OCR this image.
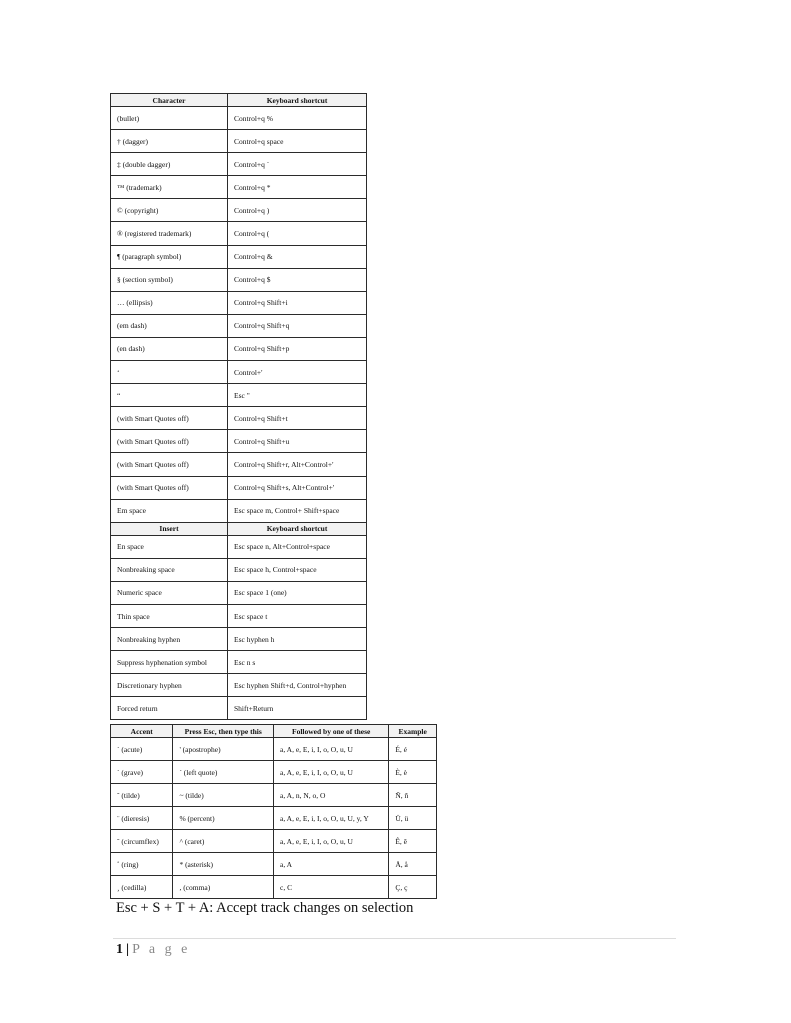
Character	Keyboard shortcut
(bullet)	Control+q %
† (dagger)	Control+q space
‡ (double dagger)	Control+q `
™ (trademark)	Control+q *
© (copyright)	Control+q )
® (registered trademark)	Control+q (
¶ (paragraph symbol)	Control+q &
§ (section symbol)	Control+q $
… (ellipsis)	Control+q Shift+i
(em dash)	Control+q Shift+q
(en dash)	Control+q Shift+p
‘	Control+'
“	Esc "
(with Smart Quotes off)	Control+q Shift+t
(with Smart Quotes off)	Control+q Shift+u
(with Smart Quotes off)	Control+q Shift+r, Alt+Control+'
(with Smart Quotes off)	Control+q Shift+s, Alt+Control+'
Em space	Esc space m, Control+ Shift+space
Insert	Keyboard shortcut
En space	Esc space n, Alt+Control+space
Nonbreaking space	Esc space h, Control+space
Numeric space	Esc space 1 (one)
Thin space	Esc space t
Nonbreaking hyphen	Esc hyphen h
Suppress hyphenation symbol	Esc n s
Discretionary hyphen	Esc hyphen Shift+d, Control+hyphen
Forced return	Shift+Return
Accent	Press Esc, then type this	Followed by one of these	Example
´ (acute)	' (apostrophe)	a, A, e, E, i, I, o, O, u, U	É, é
` (grave)	` (left quote)	a, A, e, E, i, I, o, O, u, U	È, è
˜ (tilde)	~ (tilde)	a, A, n, N, o, O	Ñ, ñ
¨ (dieresis)	% (percent)	a, A, e, E, i, I, o, O, u, U, y, Y	Ü, ü
ˆ (circumflex)	^ (caret)	a, A, e, E, i, I, o, O, u, U	Ê, ê
˚ (ring)	* (asterisk)	a, A	Å, å
¸ (cedilla)	, (comma)	c, C	Ç, ç
Esc + S + T + A: Accept track changes on selection
1 | P a g e
